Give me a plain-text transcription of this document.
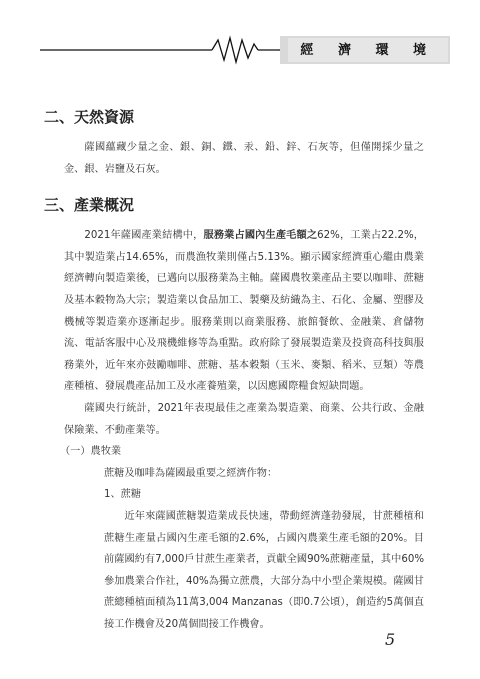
經 濟 環 境
二、天然資源

薩國蘊藏少量之金、銀、銅、鐵、汞、鉛、鋅、石灰等，但僅開採少量之金、銀、岩鹽及石灰。

三、產業概況

2021年薩國產業結構中，服務業占國內生產毛額之62%，工業占22.2%，其中製造業占14.65%，而農漁牧業則僅占5.13%。顯示國家經濟重心繼由農業經濟轉向製造業後，已邁向以服務業為主軸。薩國農牧業產品主要以咖啡、蔗糖及基本穀物為大宗；製造業以食品加工、製藥及紡織為主、石化、金屬、塑膠及機械等製造業亦逐漸起步。服務業則以商業服務、旅館餐飲、金融業、倉儲物流、電話客服中心及飛機維修等為重點。政府除了發展製造業及投資高科技與服務業外，近年來亦鼓勵咖啡、蔗糖、基本穀類（玉米、麥類、稻米、豆類）等農產種植、發展農產品加工及水產養殖業，以因應國際糧食短缺問題。

薩國央行統計，2021年表現最佳之產業為製造業、商業、公共行政、金融保險業、不動產業等。

（一）農牧業

蔗糖及咖啡為薩國最重要之經濟作物：

1、蔗糖

近年來薩國蔗糖製造業成長快速，帶動經濟蓬勃發展，甘蔗種植和蔗糖生產量占國內生產毛額的2.6%，占國內農業生產毛額的20%。目前薩國約有7,000戶甘蔗生產業者，貢獻全國90%蔗糖產量，其中60%參加農業合作社，40%為獨立蔗農，大部分為中小型企業規模。薩國甘蔗總種植面積為11萬3,004 Manzanas（即0.7公頃），創造約5萬個直接工作機會及20萬個間接工作機會。

5
